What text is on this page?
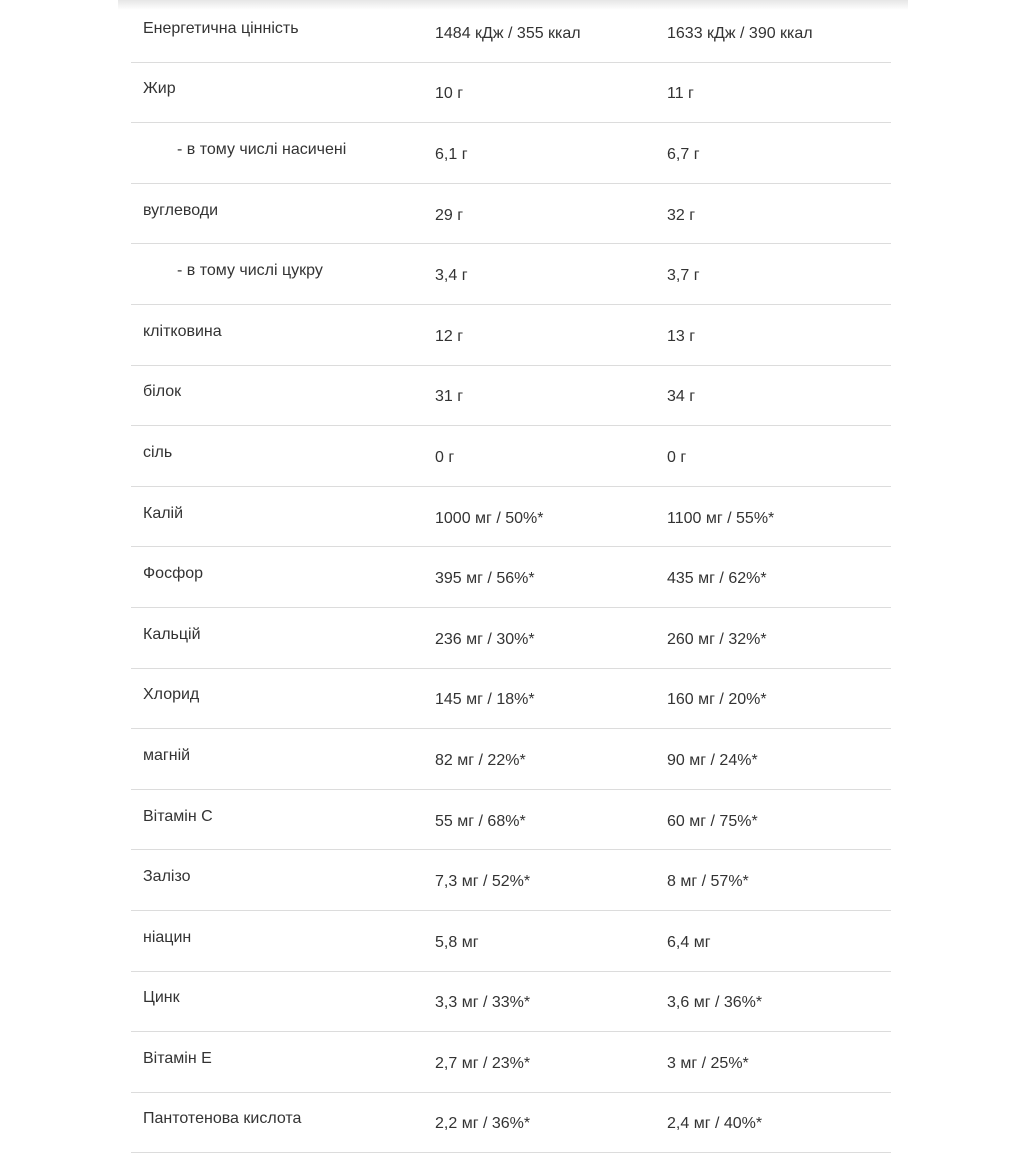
Енергетична цінність	1484 кДж / 355 ккал	1633 кДж / 390 ккал
Жир	10 г	11 г
- в тому числі насичені	6,1 г	6,7 г
вуглеводи	29 г	32 г
- в тому числі цукру	3,4 г	3,7 г
клітковина	12 г	13 г
білок	31 г	34 г
сіль	0 г	0 г
Калій	1000 мг / 50%*	1100 мг / 55%*
Фосфор	395 мг / 56%*	435 мг / 62%*
Кальцій	236 мг / 30%*	260 мг / 32%*
Хлорид	145 мг / 18%*	160 мг / 20%*
магній	82 мг / 22%*	90 мг / 24%*
Вітамін С	55 мг / 68%*	60 мг / 75%*
Залізо	7,3 мг / 52%*	8 мг / 57%*
ніацин	5,8 мг	6,4 мг
Цинк	3,3 мг / 33%*	3,6 мг / 36%*
Вітамін Е	2,7 мг / 23%*	3 мг / 25%*
Пантотенова кислота	2,2 мг / 36%*	2,4 мг / 40%*
